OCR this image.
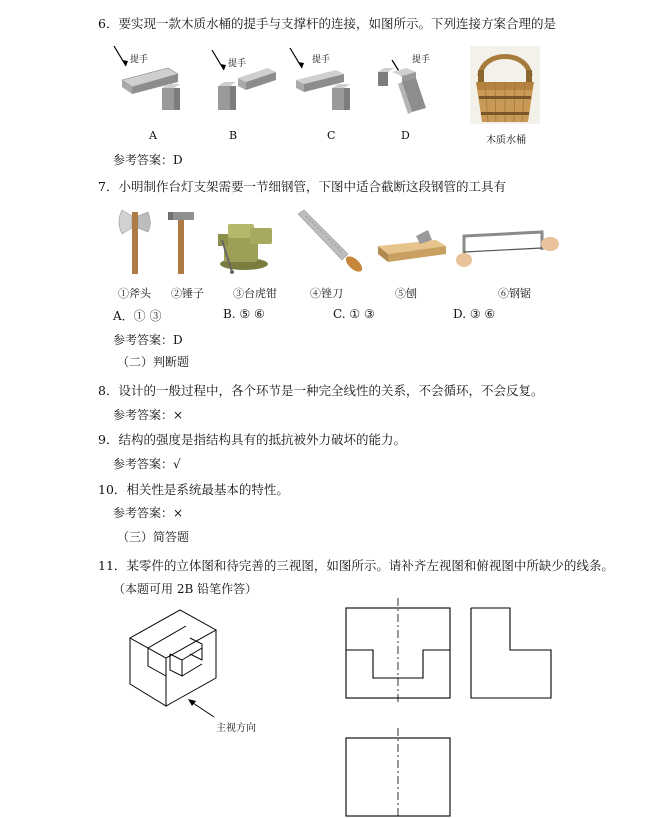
6．要实现一款木质水桶的提手与支撑杆的连接，如图所示。下列连接方案合理的是
提手	提手	提手	提手
A	B	C	D	木质水桶
参考答案：D
7．小明制作台灯支架需要一节细钢管，下图中适合截断这段钢管的工具有
①斧头 ②锤子	③台虎钳	④锉刀	⑤刨	⑥钢锯
A．① ③	B. ⑤ ⑥	C. ① ③	D. ③ ⑥
参考答案：D
（二）判断题
8．设计的一般过程中，各个环节是一种完全线性的关系，不会循环，不会反复。
参考答案：×
9．结构的强度是指结构具有的抵抗被外力破坏的能力。
参考答案：√
10．相关性是系统最基本的特性。
参考答案：×
（三）简答题
11．某零件的立体图和待完善的三视图，如图所示。请补齐左视图和俯视图中所缺少的线条。
（本题可用 2B 铅笔作答）
主视方向
